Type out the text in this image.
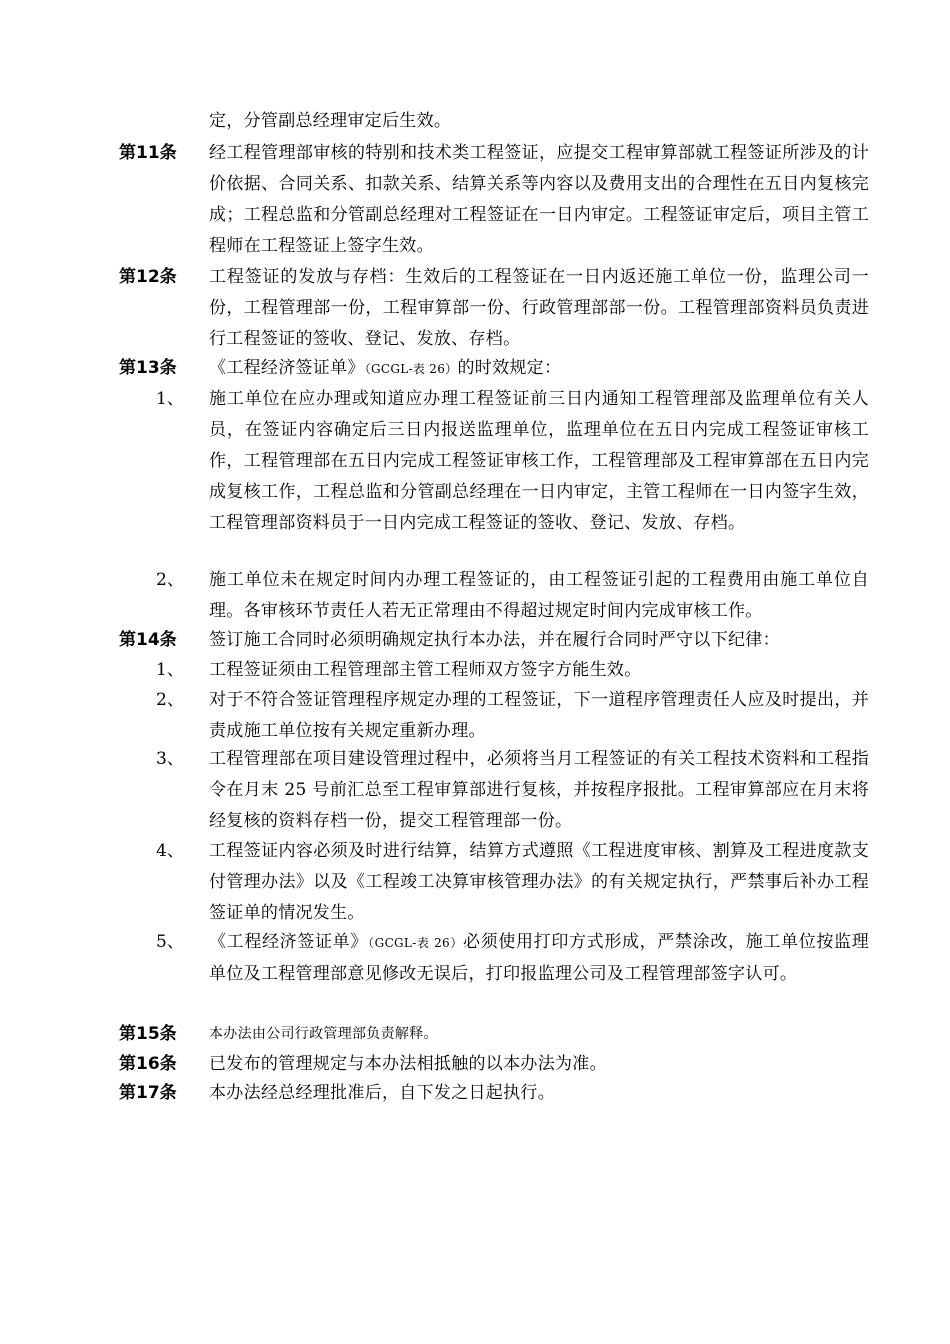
定，分管副总经理审定后生效。
第11条 经工程管理部审核的特别和技术类工程签证，应提交工程审算部就工程签证所涉及的计价依据、合同关系、扣款关系、结算关系等内容以及费用支出的合理性在五日内复核完成；工程总监和分管副总经理对工程签证在一日内审定。工程签证审定后，项目主管工程师在工程签证上签字生效。
第12条 工程签证的发放与存档：生效后的工程签证在一日内返还施工单位一份，监理公司一份，工程管理部一份，工程审算部一份、行政管理部部一份。工程管理部资料员负责进行工程签证的签收、登记、发放、存档。
第13条 《工程经济签证单》（GCGL-表 26）的时效规定：
1、 施工单位在应办理或知道应办理工程签证前三日内通知工程管理部及监理单位有关人员，在签证内容确定后三日内报送监理单位，监理单位在五日内完成工程签证审核工作，工程管理部在五日内完成工程签证审核工作，工程管理部及工程审算部在五日内完成复核工作，工程总监和分管副总经理在一日内审定，主管工程师在一日内签字生效，工程管理部资料员于一日内完成工程签证的签收、登记、发放、存档。
2、 施工单位未在规定时间内办理工程签证的，由工程签证引起的工程费用由施工单位自理。各审核环节责任人若无正常理由不得超过规定时间内完成审核工作。
第14条 签订施工合同时必须明确规定执行本办法，并在履行合同时严守以下纪律：
1、 工程签证须由工程管理部主管工程师双方签字方能生效。
2、 对于不符合签证管理程序规定办理的工程签证，下一道程序管理责任人应及时提出，并责成施工单位按有关规定重新办理。
3、 工程管理部在项目建设管理过程中，必须将当月工程签证的有关工程技术资料和工程指令在月末 25 号前汇总至工程审算部进行复核，并按程序报批。工程审算部应在月末将经复核的资料存档一份，提交工程管理部一份。
4、 工程签证内容必须及时进行结算，结算方式遵照《工程进度审核、割算及工程进度款支付管理办法》以及《工程竣工决算审核管理办法》的有关规定执行，严禁事后补办工程签证单的情况发生。
5、 《工程经济签证单》（GCGL-表 26）必须使用打印方式形成，严禁涂改，施工单位按监理单位及工程管理部意见修改无误后，打印报监理公司及工程管理部签字认可。
第15条 本办法由公司行政管理部负责解释。
第16条 已发布的管理规定与本办法相抵触的以本办法为准。
第17条 本办法经总经理批准后，自下发之日起执行。
